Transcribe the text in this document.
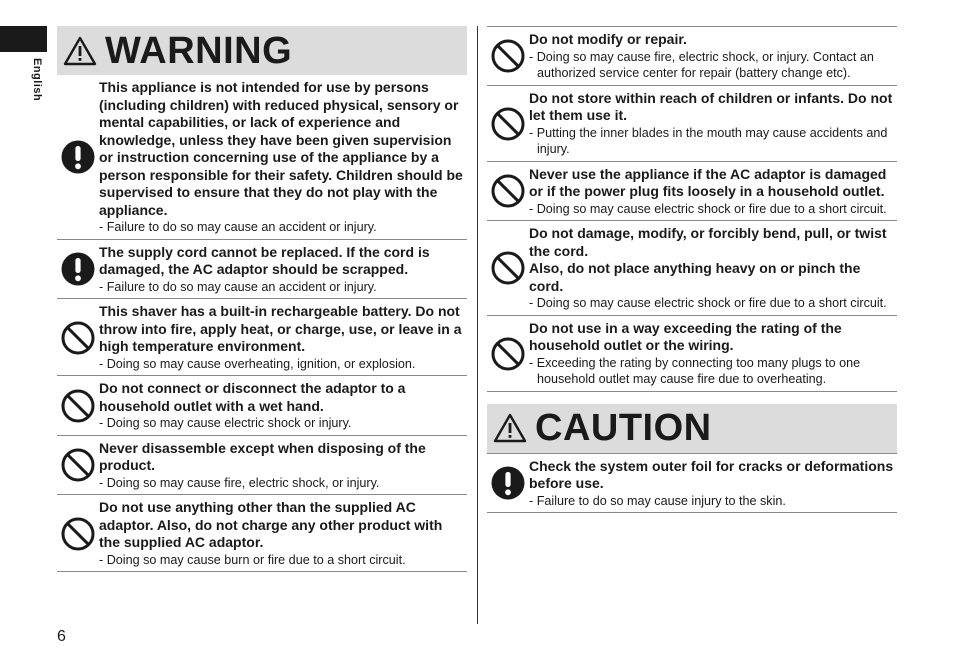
English
6
WARNING
This appliance is not intended for use by persons (including children) with reduced physical, sensory or mental capabilities, or lack of experience and knowledge, unless they have been given supervision or instruction concerning use of the appliance by a person responsible for their safety. Children should be supervised to ensure that they do not play with the appliance.
- Failure to do so may cause an accident or injury.
The supply cord cannot be replaced. If the cord is damaged, the AC adaptor should be scrapped.
- Failure to do so may cause an accident or injury.
This shaver has a built-in rechargeable battery. Do not throw into fire, apply heat, or charge, use, or leave in a high temperature environment.
- Doing so may cause overheating, ignition, or explosion.
Do not connect or disconnect the adaptor to a household outlet with a wet hand.
- Doing so may cause electric shock or injury.
Never disassemble except when disposing of the product.
- Doing so may cause fire, electric shock, or injury.
Do not use anything other than the supplied AC adaptor. Also, do not charge any other product with the supplied AC adaptor.
- Doing so may cause burn or fire due to a short circuit.
Do not modify or repair.
- Doing so may cause fire, electric shock, or injury. Contact an authorized service center for repair (battery change etc).
Do not store within reach of children or infants. Do not let them use it.
- Putting the inner blades in the mouth may cause accidents and injury.
Never use the appliance if the AC adaptor is damaged or if the power plug fits loosely in a household outlet.
- Doing so may cause electric shock or fire due to a short circuit.
Do not damage, modify, or forcibly bend, pull, or twist the cord.
Also, do not place anything heavy on or pinch the cord.
- Doing so may cause electric shock or fire due to a short circuit.
Do not use in a way exceeding the rating of the household outlet or the wiring.
- Exceeding the rating by connecting too many plugs to one household outlet may cause fire due to overheating.
CAUTION
Check the system outer foil for cracks or deformations before use.
- Failure to do so may cause injury to the skin.
